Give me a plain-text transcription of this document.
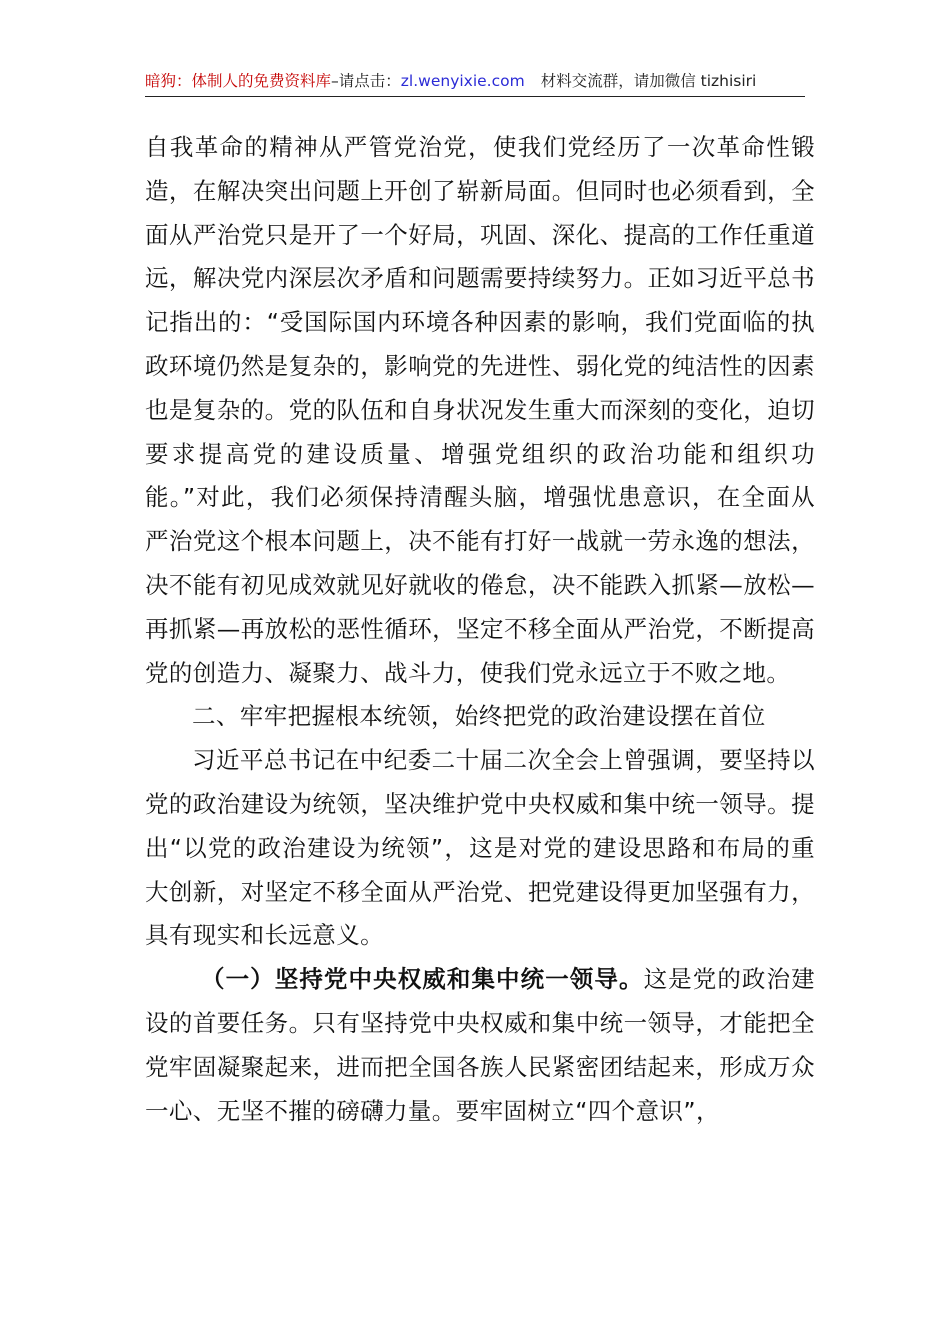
暗狗：体制人的免费资料库–请点击：zl.wenyixie.com 材料交流群，请加微信 tizhisiri

自我革命的精神从严管党治党，使我们党经历了一次革命性锻造，在解决突出问题上开创了崭新局面。但同时也必须看到，全面从严治党只是开了一个好局，巩固、深化、提高的工作任重道远，解决党内深层次矛盾和问题需要持续努力。正如习近平总书记指出的：“受国际国内环境各种因素的影响，我们党面临的执政环境仍然是复杂的，影响党的先进性、弱化党的纯洁性的因素也是复杂的。党的队伍和自身状况发生重大而深刻的变化，迫切要求提高党的建设质量、增强党组织的政治功能和组织功能。”对此，我们必须保持清醒头脑，增强忧患意识，在全面从严治党这个根本问题上，决不能有打好一战就一劳永逸的想法，决不能有初见成效就见好就收的倦怠，决不能跌入抓紧—放松—再抓紧—再放松的恶性循环，坚定不移全面从严治党，不断提高党的创造力、凝聚力、战斗力，使我们党永远立于不败之地。

二、牢牢把握根本统领，始终把党的政治建设摆在首位

习近平总书记在中纪委二十届二次全会上曾强调，要坚持以党的政治建设为统领，坚决维护党中央权威和集中统一领导。提出“以党的政治建设为统领”，这是对党的建设思路和布局的重大创新，对坚定不移全面从严治党、把党建设得更加坚强有力，具有现实和长远意义。

（一）坚持党中央权威和集中统一领导。这是党的政治建设的首要任务。只有坚持党中央权威和集中统一领导，才能把全党牢固凝聚起来，进而把全国各族人民紧密团结起来，形成万众一心、无坚不摧的磅礴力量。要牢固树立“四个意识”，
